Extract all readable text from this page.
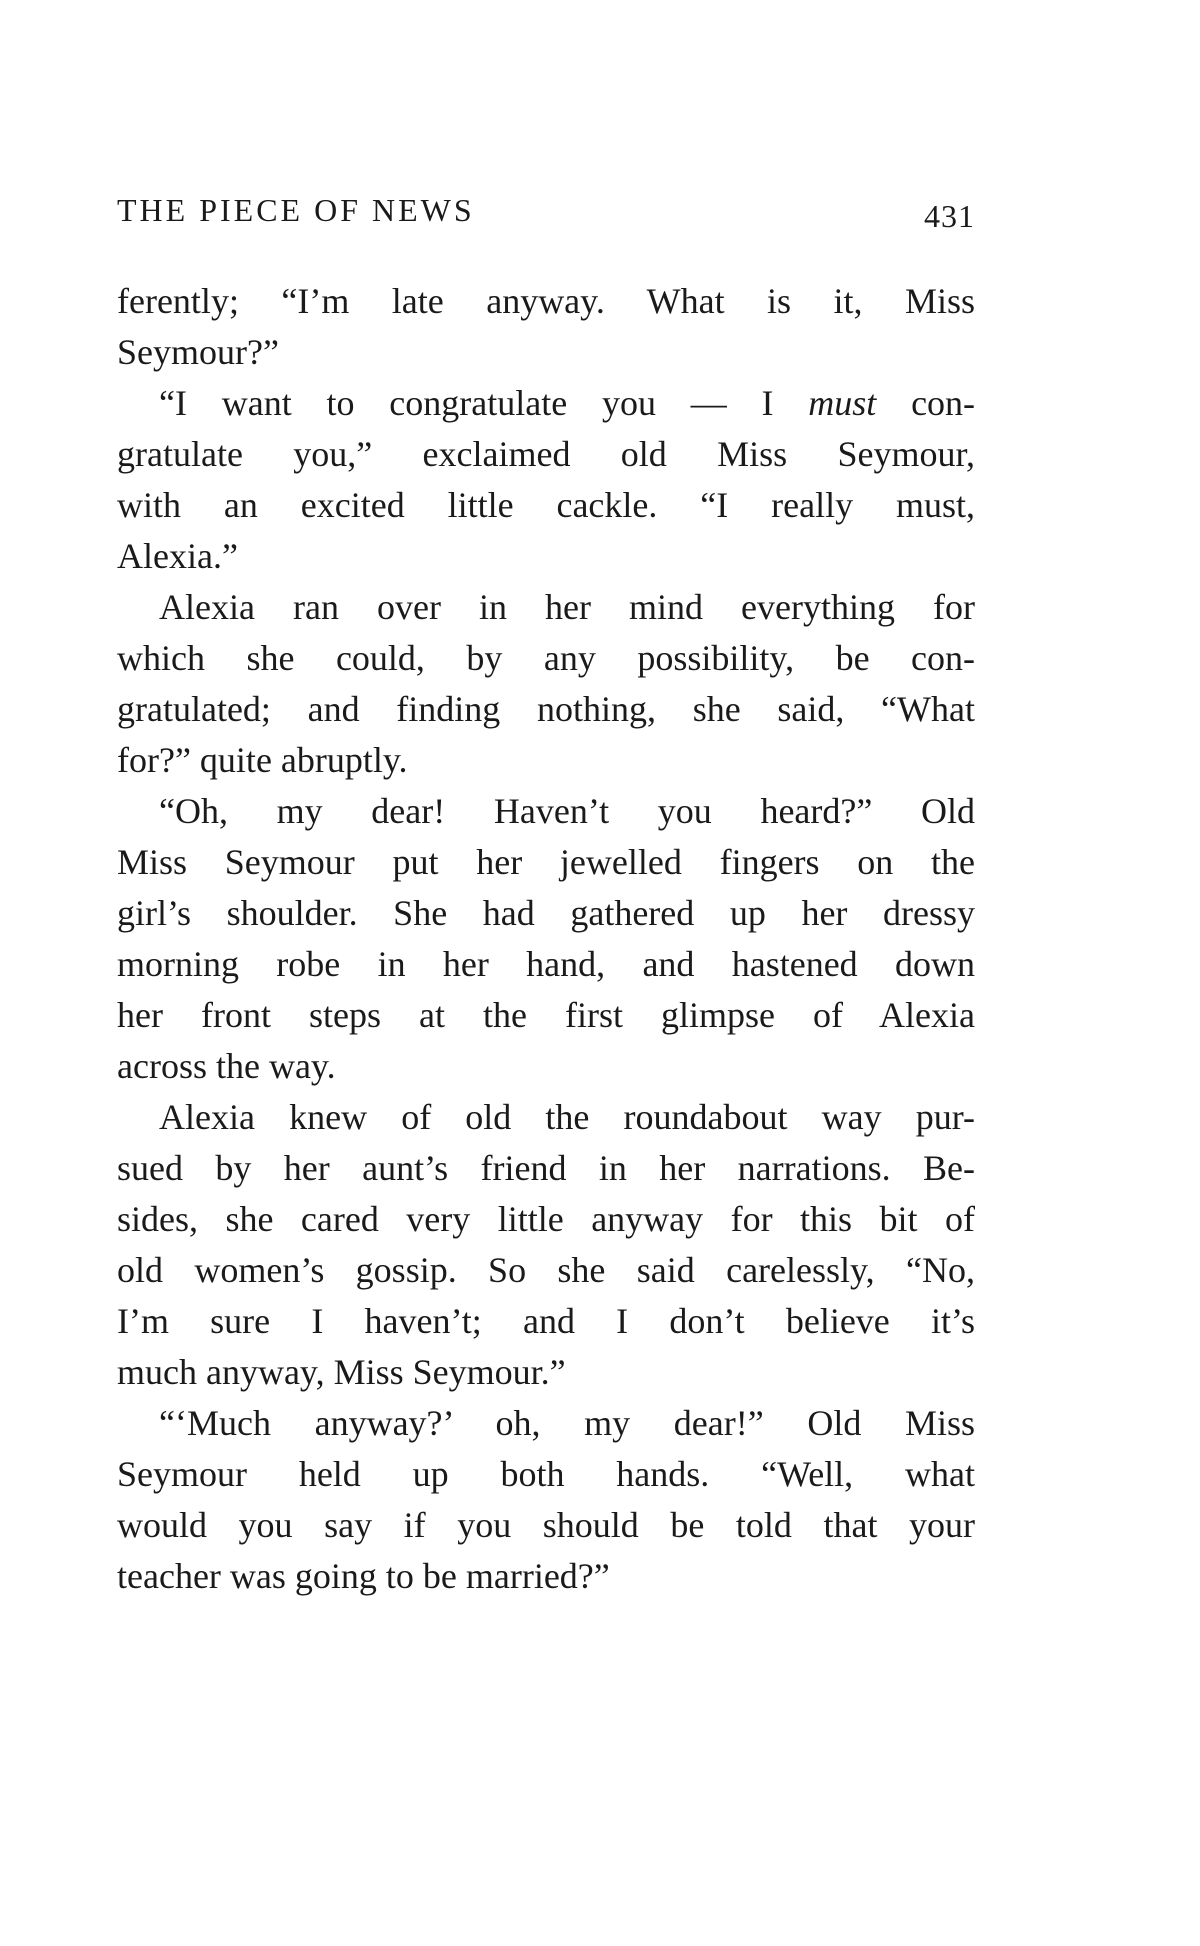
THE PIECE OF NEWS	431
ferently; “I’m late anyway. What is it, Miss
Seymour?”
“I want to congratulate you — I must con-
gratulate you,” exclaimed old Miss Seymour,
with an excited little cackle. “I really must,
Alexia.”
Alexia ran over in her mind everything for
which she could, by any possibility, be con-
gratulated; and finding nothing, she said, “What
for?” quite abruptly.
“Oh, my dear! Haven’t you heard?” Old
Miss Seymour put her jewelled fingers on the
girl’s shoulder. She had gathered up her dressy
morning robe in her hand, and hastened down
her front steps at the first glimpse of Alexia
across the way.
Alexia knew of old the roundabout way pur-
sued by her aunt’s friend in her narrations. Be-
sides, she cared very little anyway for this bit of
old women’s gossip. So she said carelessly, “No,
I’m sure I haven’t; and I don’t believe it’s
much anyway, Miss Seymour.”
“‘Much anyway?’ oh, my dear!” Old Miss
Seymour held up both hands. “Well, what
would you say if you should be told that your
teacher was going to be married?”
